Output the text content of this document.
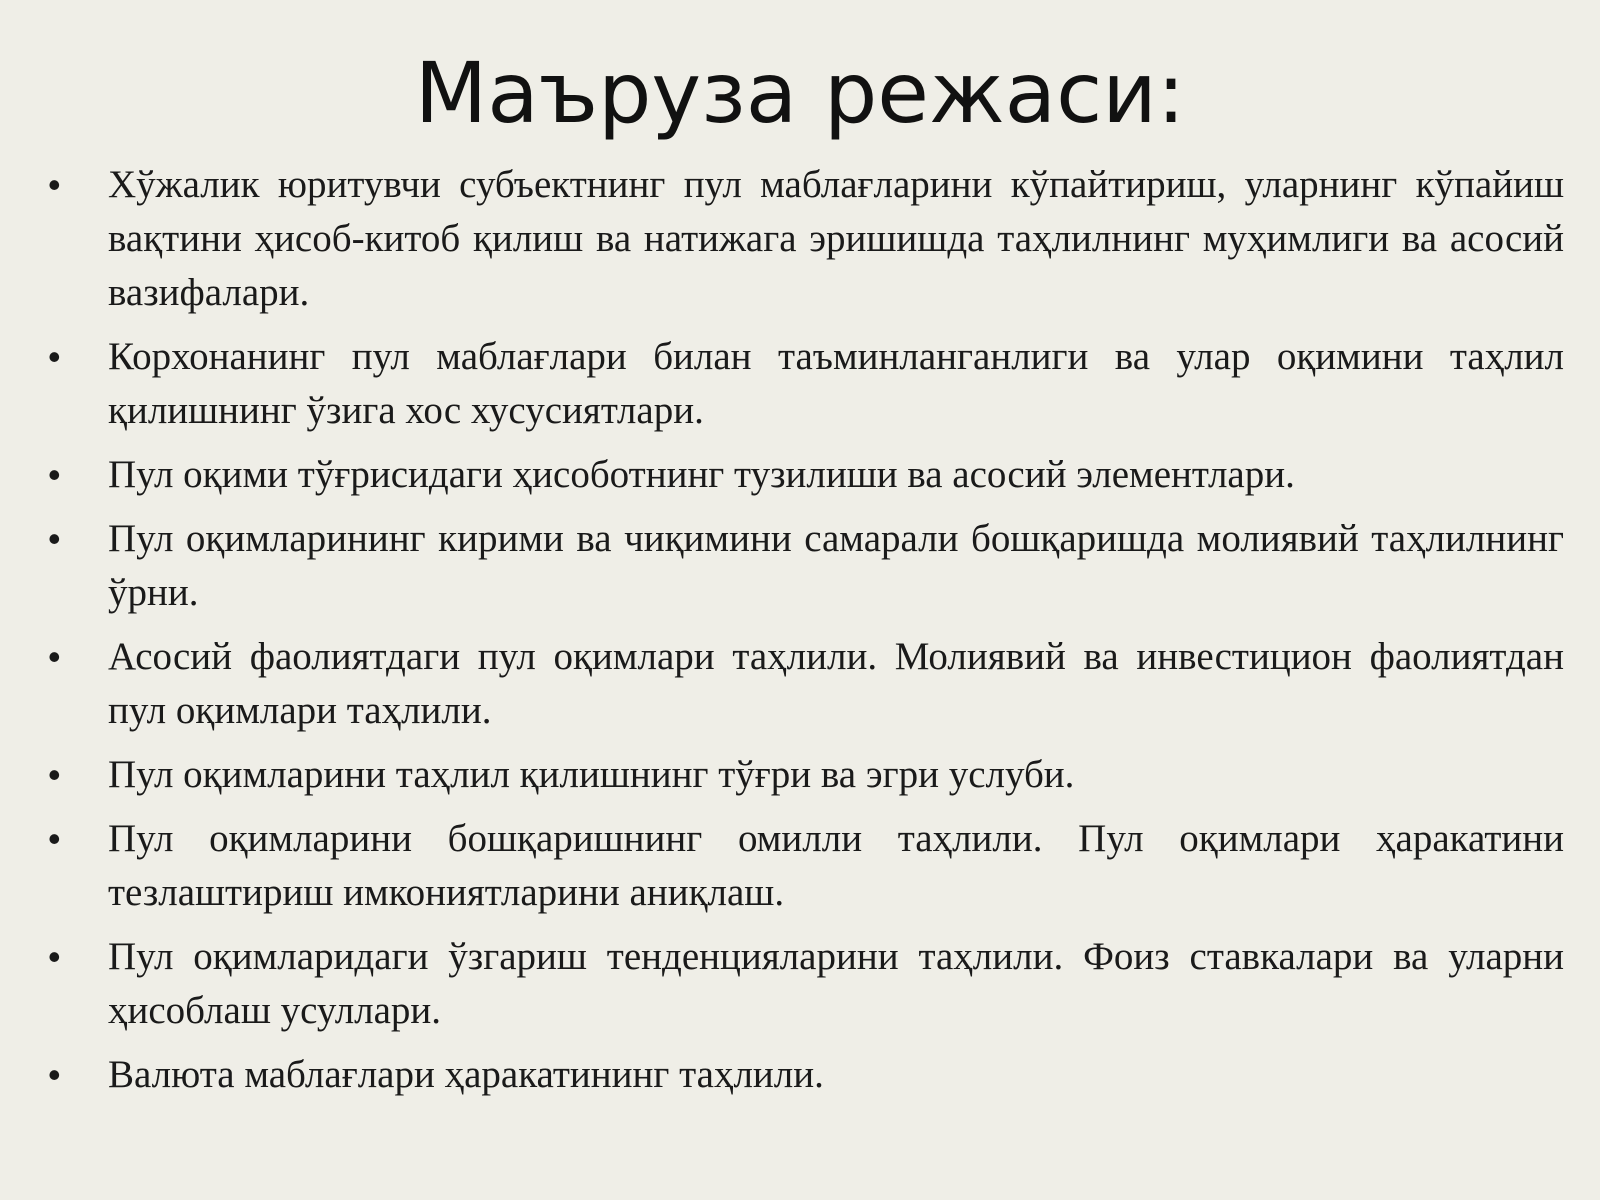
Маъруза режаси:
• Хўжалик юритувчи субъектнинг пул маблағларини кўпайтириш, уларнинг кўпайиш вақтини ҳисоб-китоб қилиш ва натижага эришишда таҳлилнинг муҳимлиги ва асосий вазифалари.
• Корхонанинг пул маблағлари билан таъминланганлиги ва улар оқимини таҳлил қилишнинг ўзига хос хусусиятлари.
• Пул оқими тўғрисидаги ҳисоботнинг тузилиши ва асосий элементлари.
• Пул оқимларининг кирими ва чиқимини самарали бошқаришда молиявий таҳлилнинг ўрни.
• Асосий фаолиятдаги пул оқимлари таҳлили. Молиявий ва инвестицион фаолиятдан пул оқимлари таҳлили.
• Пул оқимларини таҳлил қилишнинг тўғри ва эгри услуби.
• Пул оқимларини бошқаришнинг омилли таҳлили. Пул оқимлари ҳаракатини тезлаштириш имкониятларини аниқлаш.
• Пул оқимларидаги ўзгариш тенденцияларини таҳлили. Фоиз ставкалари ва уларни ҳисоблаш усуллари.
• Валюта маблағлари ҳаракатининг таҳлили.
